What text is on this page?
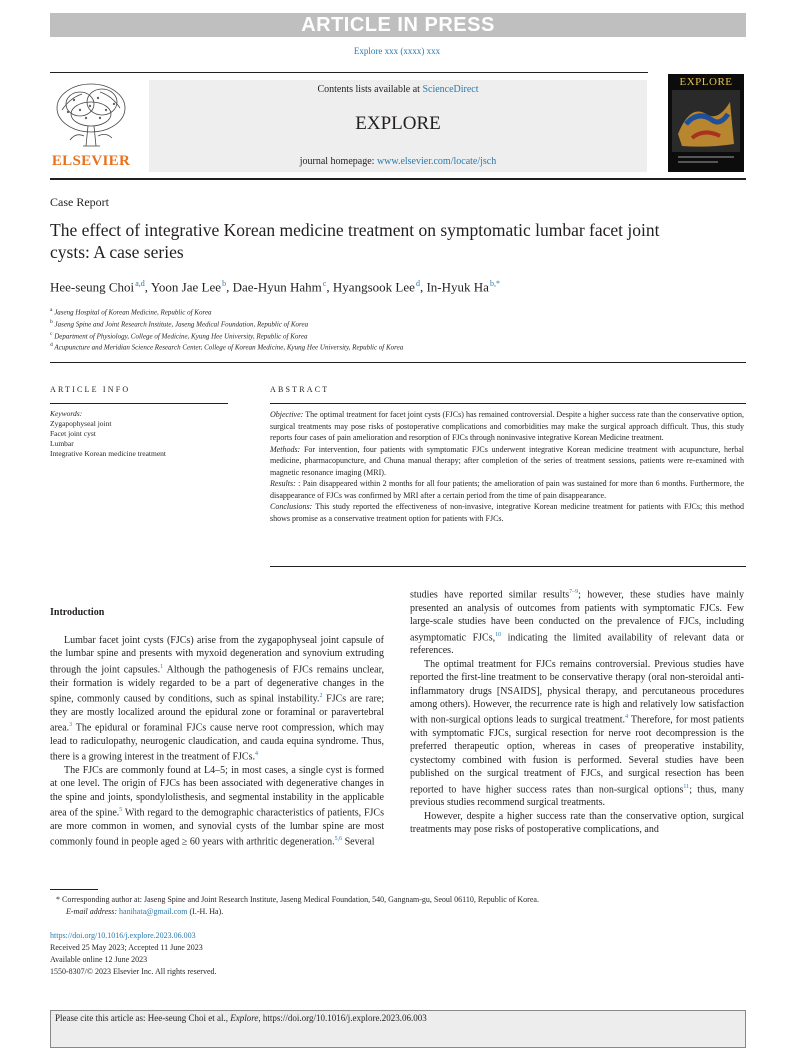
ARTICLE IN PRESS
Explore xxx (xxxx) xxx
ELSEVIER
Contents lists available at ScienceDirect
EXPLORE
journal homepage: www.elsevier.com/locate/jsch
EXPLORE
Case Report
The effect of integrative Korean medicine treatment on symptomatic lumbar facet joint cysts: A case series
Hee-seung Choi $^{a,d}$, Yoon Jae Lee $^b$, Dae-Hyun Hahm $^c$, Hyangsook Lee $^d$, In-Hyuk Ha $^{b,*}$
$^a$ Jaseng Hospital of Korean Medicine, Republic of Korea
$^b$ Jaseng Spine and Joint Research Institute, Jaseng Medical Foundation, Republic of Korea
$^c$ Department of Physiology, College of Medicine, Kyung Hee University, Republic of Korea
$^d$ Acupuncture and Meridian Science Research Center, College of Korean Medicine, Kyung Hee University, Republic of Korea
ARTICLE INFO	ABSTRACT
Keywords:
Zygapophyseal joint
Facet joint cyst
Lumbar
Integrative Korean medicine treatment

Objective: The optimal treatment for facet joint cysts (FJCs) has remained controversial. Despite a higher success rate than the conservative option, surgical treatments may pose risks of postoperative complications and comorbidities may make the surgical approach difficult. Thus, this study reports four cases of pain amelioration and resorption of FJCs through noninvasive integrative Korean Medicine treatment.

Methods: For intervention, four patients with symptomatic FJCs underwent integrative Korean medicine treatment with acupuncture, herbal medicine, pharmacopuncture, and Chuna manual therapy; after completion of the series of treatment sessions, patients were re-examined with magnetic resonance imaging (MRI).

Results: : Pain disappeared within 2 months for all four patients; the amelioration of pain was sustained for more than 6 months. Furthermore, the disappearance of FJCs was confirmed by MRI after a certain period from the time of pain disappearance.

Conclusions: This study reported the effectiveness of non-invasive, integrative Korean medicine treatment for patients with FJCs; this method shows promise as a conservative treatment option for patients with FJCs.

Introduction

Lumbar facet joint cysts (FJCs) arise from the zygapophyseal joint capsule of the lumbar spine and presents with myxoid degeneration and synovium extruding through the joint capsules.$^1$ Although the pathogenesis of FJCs remains unclear, their formation is widely regarded to be a part of degenerative changes in the spine, commonly caused by conditions, such as spinal instability.$^2$ FJCs are rare; they are mostly localized around the epidural zone or foraminal or paravertebral area.$^3$ The epidural or foraminal FJCs cause nerve root compression, which may lead to radiculopathy, neurogenic claudication, and cauda equina syndrome. Thus, there is a growing interest in the treatment of FJCs.$^4$

The FJCs are commonly found at L4–5; in most cases, a single cyst is formed at one level. The origin of FJCs has been associated with degenerative changes in the spine and joints, spondylolisthesis, and segmental instability in the applicable area of the spine.$^5$ With regard to the demographic characteristics of patients, FJCs are more common in women, and synovial cysts of the lumbar spine are most commonly found in people aged ≥ 60 years with arthritic degeneration.$^{5,6}$ Several

studies have reported similar results$^{7-9}$; however, these studies have mainly presented an analysis of outcomes from patients with symptomatic FJCs. Few large-scale studies have been conducted on the prevalence of FJCs, including asymptomatic FJCs,$^{10}$ indicating the limited availability of relevant data or references.

The optimal treatment for FJCs remains controversial. Previous studies have reported the first-line treatment to be conservative therapy (oral non-steroidal anti-inflammatory drugs [NSAIDS], physical therapy, and percutaneous procedures among others). However, the recurrence rate is high and relatively low satisfaction with non-surgical options leads to surgical treatment.$^4$ Therefore, for most patients with symptomatic FJCs, surgical resection for nerve root decompression is the preferred therapeutic option, whereas in cases of preoperative instability, cystectomy combined with fusion is performed. Several studies have been published on the surgical treatment of FJCs, and surgical resection has been reported to have higher success rates than non-surgical options$^{11}$; thus, many previous studies recommend surgical treatments.

However, despite a higher success rate than the conservative option, surgical treatments may pose risks of postoperative complications, and

* Corresponding author at: Jaseng Spine and Joint Research Institute, Jaseng Medical Foundation, 540, Gangnam-gu, Seoul 06110, Republic of Korea.
E-mail address: hanihata@gmail.com (I.-H. Ha).
https://doi.org/10.1016/j.explore.2023.06.003
Received 25 May 2023; Accepted 11 June 2023
Available online 12 June 2023
1550-8307/© 2023 Elsevier Inc. All rights reserved.
Please cite this article as: Hee-seung Choi et al., Explore, https://doi.org/10.1016/j.explore.2023.06.003
